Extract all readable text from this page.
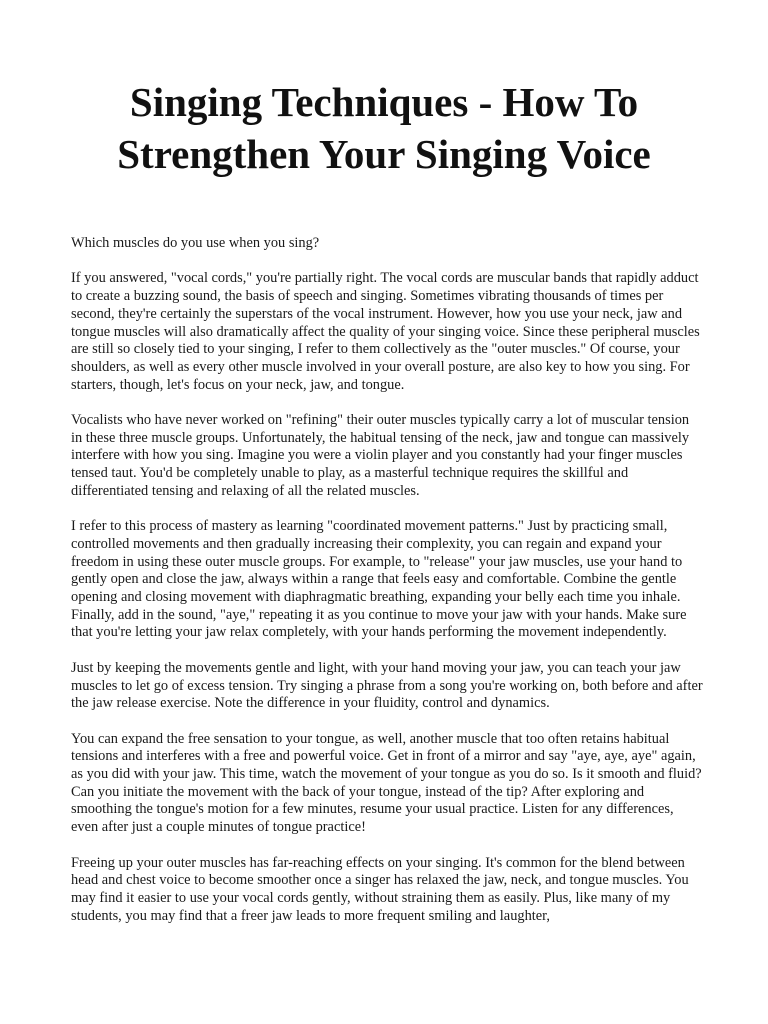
Singing Techniques - How To Strengthen Your Singing Voice

Which muscles do you use when you sing?

If you answered, "vocal cords," you're partially right. The vocal cords are muscular bands that rapidly adduct to create a buzzing sound, the basis of speech and singing. Sometimes vibrating thousands of times per second, they're certainly the superstars of the vocal instrument. However, how you use your neck, jaw and tongue muscles will also dramatically affect the quality of your singing voice. Since these peripheral muscles are still so closely tied to your singing, I refer to them collectively as the "outer muscles." Of course, your shoulders, as well as every other muscle involved in your overall posture, are also key to how you sing. For starters, though, let's focus on your neck, jaw, and tongue.

Vocalists who have never worked on "refining" their outer muscles typically carry a lot of muscular tension in these three muscle groups. Unfortunately, the habitual tensing of the neck, jaw and tongue can massively interfere with how you sing. Imagine you were a violin player and you constantly had your finger muscles tensed taut. You'd be completely unable to play, as a masterful technique requires the skillful and differentiated tensing and relaxing of all the related muscles.

I refer to this process of mastery as learning "coordinated movement patterns." Just by practicing small, controlled movements and then gradually increasing their complexity, you can regain and expand your freedom in using these outer muscle groups. For example, to "release" your jaw muscles, use your hand to gently open and close the jaw, always within a range that feels easy and comfortable. Combine the gentle opening and closing movement with diaphragmatic breathing, expanding your belly each time you inhale. Finally, add in the sound, "aye," repeating it as you continue to move your jaw with your hands. Make sure that you're letting your jaw relax completely, with your hands performing the movement independently.

Just by keeping the movements gentle and light, with your hand moving your jaw, you can teach your jaw muscles to let go of excess tension. Try singing a phrase from a song you're working on, both before and after the jaw release exercise. Note the difference in your fluidity, control and dynamics.

You can expand the free sensation to your tongue, as well, another muscle that too often retains habitual tensions and interferes with a free and powerful voice. Get in front of a mirror and say "aye, aye, aye" again, as you did with your jaw. This time, watch the movement of your tongue as you do so. Is it smooth and fluid? Can you initiate the movement with the back of your tongue, instead of the tip? After exploring and smoothing the tongue's motion for a few minutes, resume your usual practice. Listen for any differences, even after just a couple minutes of tongue practice!

Freeing up your outer muscles has far-reaching effects on your singing. It's common for the blend between head and chest voice to become smoother once a singer has relaxed the jaw, neck, and tongue muscles. You may find it easier to use your vocal cords gently, without straining them as easily. Plus, like many of my students, you may find that a freer jaw leads to more frequent smiling and laughter,
